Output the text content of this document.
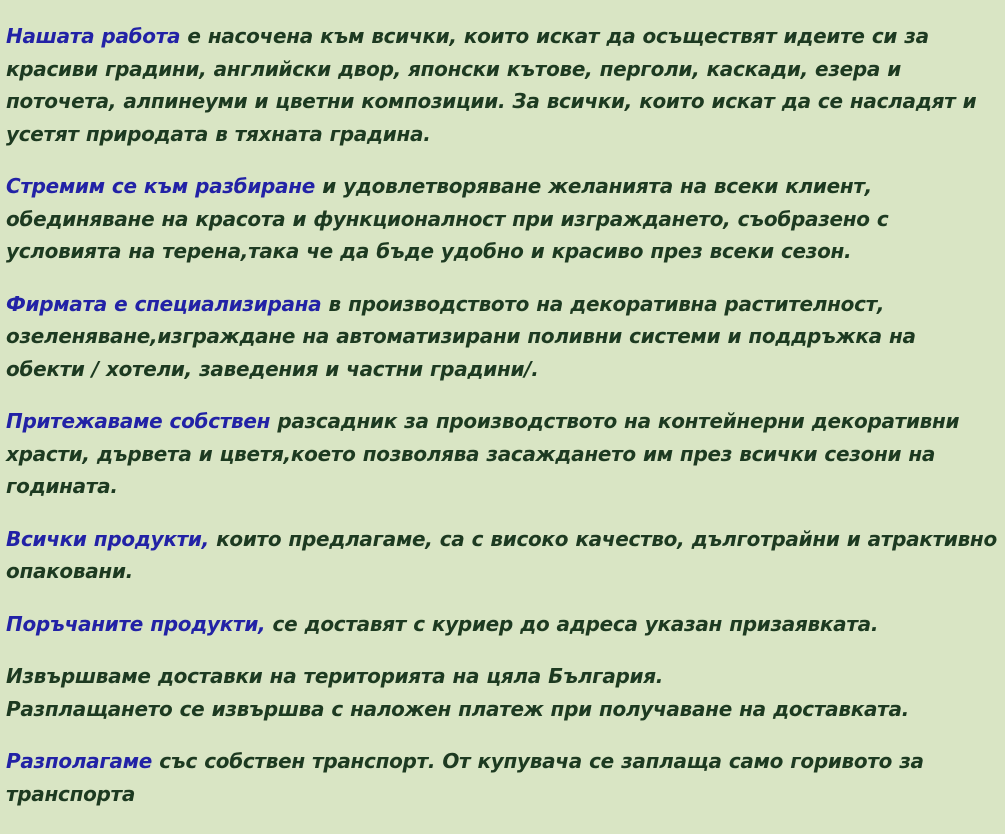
Нашата работа е насочена към всички, които искат да осъществят идеите си за красиви градини, английски двор, японски кътове, перголи, каскади, езера и поточета, алпинеуми и цветни композиции. За всички, които искат да се насладят и усетят природата в тяхната градина.

Стремим се към разбиране и удовлетворяване желанията на всеки клиент, обединяване на красота и функционалност при изграждането, съобразено с условията на терена,така че да бъде удобно и красиво през всеки сезон.

Фирмата е специализирана в производството на декоративна растителност, озеленяване,изграждане на автоматизирани поливни системи и поддръжка на обекти / хотели, заведения и частни градини/.

Притежаваме собствен разсадник за производството на контейнерни декоративни храсти, дървета и цветя,което позволява засаждането им през всички сезони на годината.

Всички продукти, които предлагаме, са с високо качество, дълготрайни и атрактивно опаковани.

Поръчаните продукти, се доставят с куриер до адреса указан призаявката.

Извършваме доставки на територията на цяла България.
Разплащането се извършва с наложен платеж при получаване на доставката.

Разполагаме със собствен транспорт. От купувача се заплаща само горивото за транспорта
